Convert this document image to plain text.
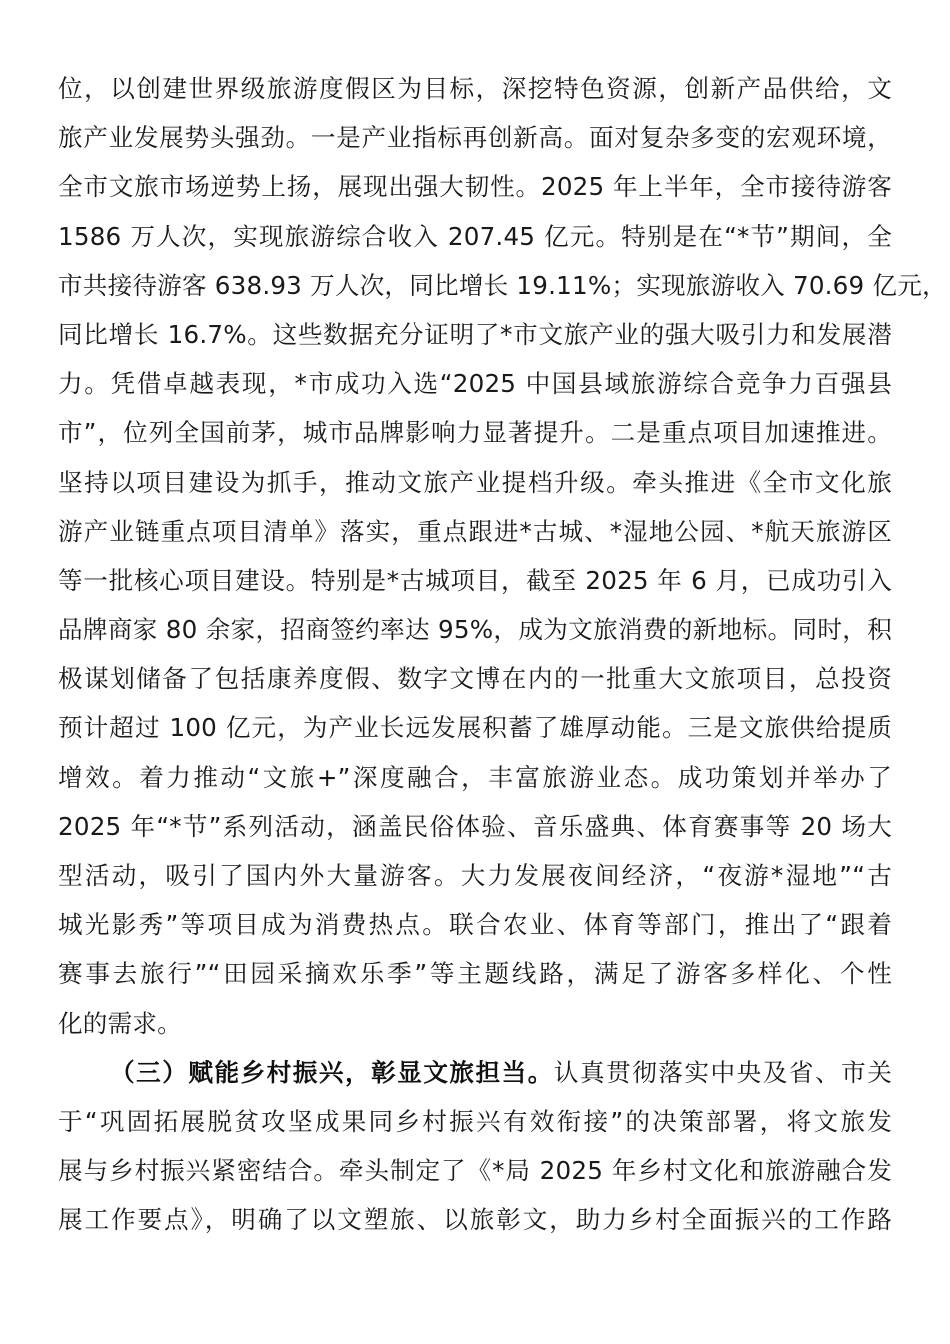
位，以创建世界级旅游度假区为目标，深挖特色资源，创新产品供给，文
旅产业发展势头强劲。一是产业指标再创新高。面对复杂多变的宏观环境，
全市文旅市场逆势上扬，展现出强大韧性。2025 年上半年，全市接待游客
1586 万人次，实现旅游综合收入 207.45 亿元。特别是在“*节”期间，全
市共接待游客 638.93 万人次，同比增长 19.11%；实现旅游收入 70.69 亿元，
同比增长 16.7%。这些数据充分证明了*市文旅产业的强大吸引力和发展潜
力。凭借卓越表现，*市成功入选“2025 中国县域旅游综合竞争力百强县
市”，位列全国前茅，城市品牌影响力显著提升。二是重点项目加速推进。
坚持以项目建设为抓手，推动文旅产业提档升级。牵头推进《全市文化旅
游产业链重点项目清单》落实，重点跟进*古城、*湿地公园、*航天旅游区
等一批核心项目建设。特别是*古城项目，截至 2025 年 6 月，已成功引入
品牌商家 80 余家，招商签约率达 95%，成为文旅消费的新地标。同时，积
极谋划储备了包括康养度假、数字文博在内的一批重大文旅项目，总投资
预计超过 100 亿元，为产业长远发展积蓄了雄厚动能。三是文旅供给提质
增效。着力推动“文旅+”深度融合，丰富旅游业态。成功策划并举办了
2025 年“*节”系列活动，涵盖民俗体验、音乐盛典、体育赛事等 20 场大
型活动，吸引了国内外大量游客。大力发展夜间经济，“夜游*湿地”“古
城光影秀”等项目成为消费热点。联合农业、体育等部门，推出了“跟着
赛事去旅行”“田园采摘欢乐季”等主题线路，满足了游客多样化、个性
化的需求。
（三）赋能乡村振兴，彰显文旅担当。认真贯彻落实中央及省、市关
于“巩固拓展脱贫攻坚成果同乡村振兴有效衔接”的决策部署，将文旅发
展与乡村振兴紧密结合。牵头制定了《*局 2025 年乡村文化和旅游融合发
展工作要点》，明确了以文塑旅、以旅彰文，助力乡村全面振兴的工作路
